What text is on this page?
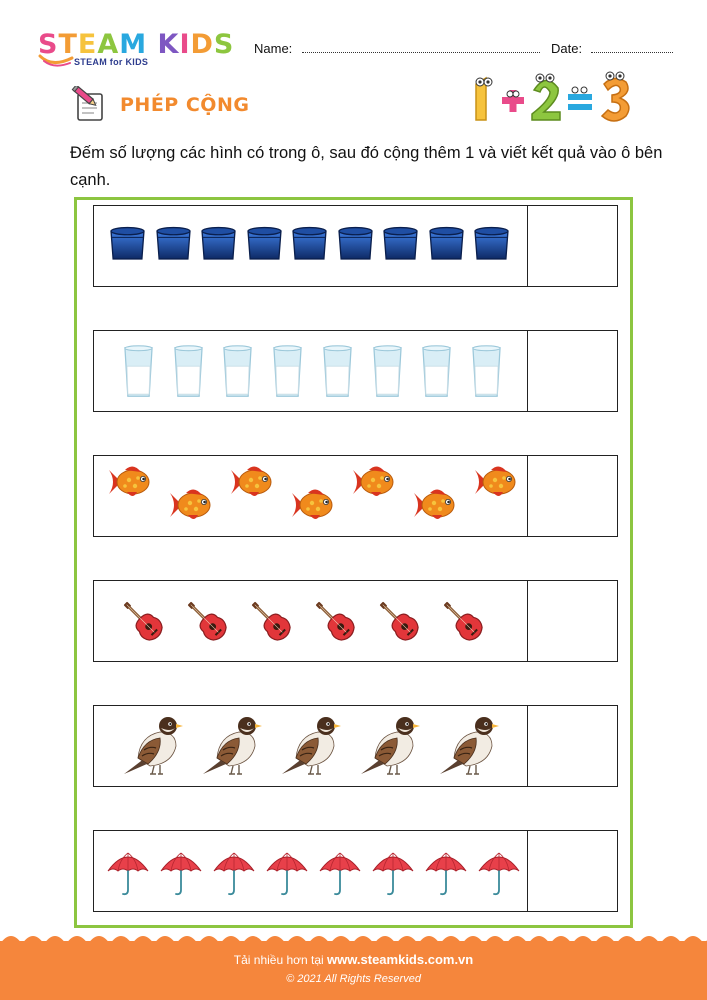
STEAM KIDS
STEAM for KIDS
Name:	Date:
PHÉP CỘNG
Đếm số lượng các hình có trong ô, sau đó cộng thêm 1 và viết kết quả vào ô bên cạnh.
Tải nhiều hơn tại www.steamkids.com.vn
© 2021 All Rights Reserved
